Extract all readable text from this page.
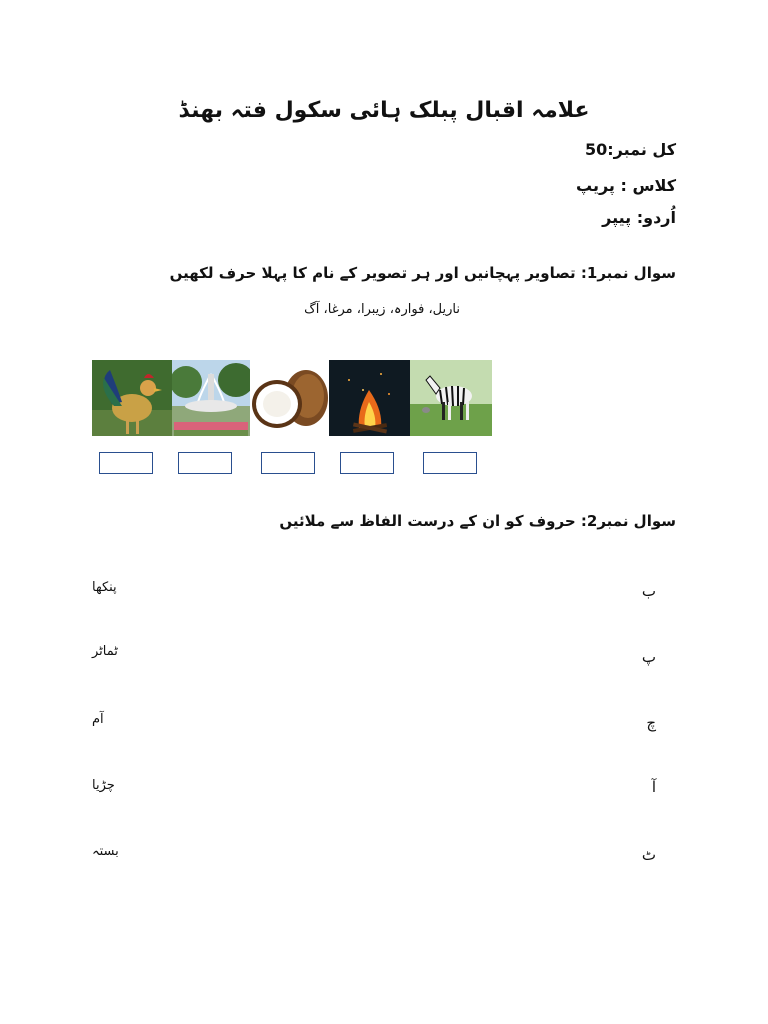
علامہ اقبال پبلک ہائی سکول فتہ بھنڈ
کل نمبر:50
کلاس : پریپ
اُردو: پیپر
سوال نمبر1: تصاویر پہچانیں اور ہر تصویر کے نام کا پہلا حرف لکھیں
ناریل، فوارہ، زیبرا، مرغا، آگ
سوال نمبر2: حروف کو ان کے درست الفاظ سے ملائیں
ب
پ
چ
آ
ٹ
پنکھا
ٹماٹر
آم
چڑیا
بستہ
